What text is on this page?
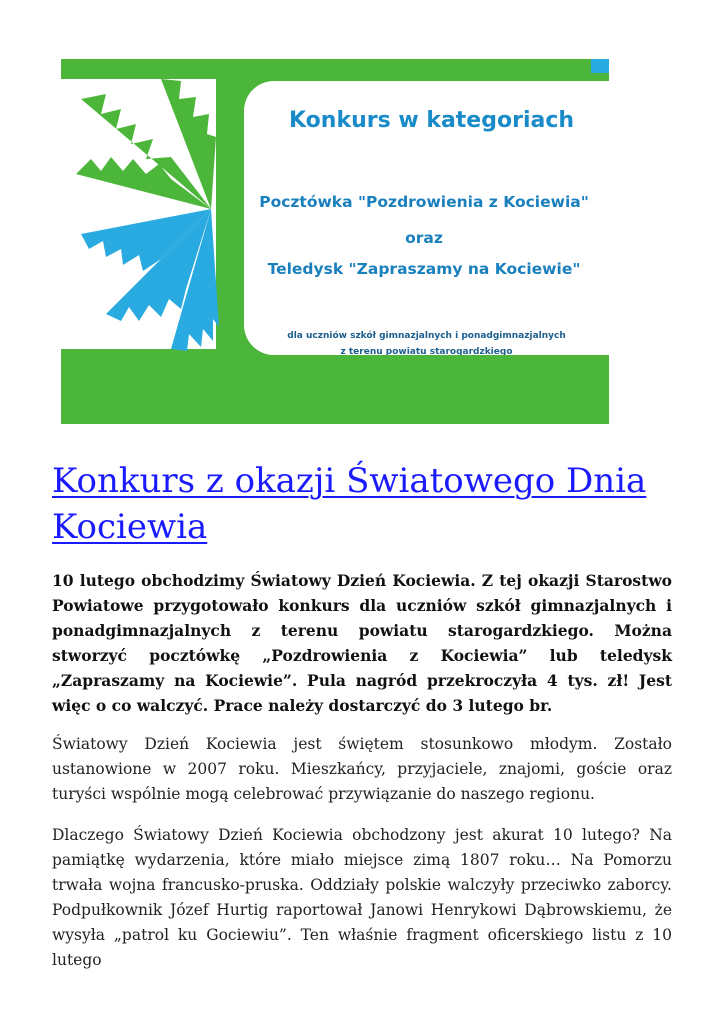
Konkurs w kategoriach
Pocztówka "Pozdrowienia z Kociewia"
oraz
Teledysk "Zapraszamy na Kociewie"
dla uczniów szkół gimnazjalnych i ponadgimnazjalnych
z terenu powiatu starogardzkiego
Konkurs z okazji Światowego Dnia Kociewia

10 lutego obchodzimy Światowy Dzień Kociewia. Z tej okazji Starostwo Powiatowe przygotowało konkurs dla uczniów szkół gimnazjalnych i ponadgimnazjalnych z terenu powiatu starogardzkiego. Można stworzyć pocztówkę „Pozdrowienia z Kociewia” lub teledysk „Zapraszamy na Kociewie”. Pula nagród przekroczyła 4 tys. zł! Jest więc o co walczyć. Prace należy dostarczyć do 3 lutego br.

Światowy Dzień Kociewia jest świętem stosunkowo młodym. Zostało ustanowione w 2007 roku. Mieszkańcy, przyjaciele, znajomi, goście oraz turyści wspólnie mogą celebrować przywiązanie do naszego regionu.

Dlaczego Światowy Dzień Kociewia obchodzony jest akurat 10 lutego? Na pamiątkę wydarzenia, które miało miejsce zimą 1807 roku… Na Pomorzu trwała wojna francusko-pruska. Oddziały polskie walczyły przeciwko zaborcy. Podpułkownik Józef Hurtig raportował Janowi Henrykowi Dąbrowskiemu, że wysyła „patrol ku Gociewiu”. Ten właśnie fragment oficerskiego listu z 10 lutego
